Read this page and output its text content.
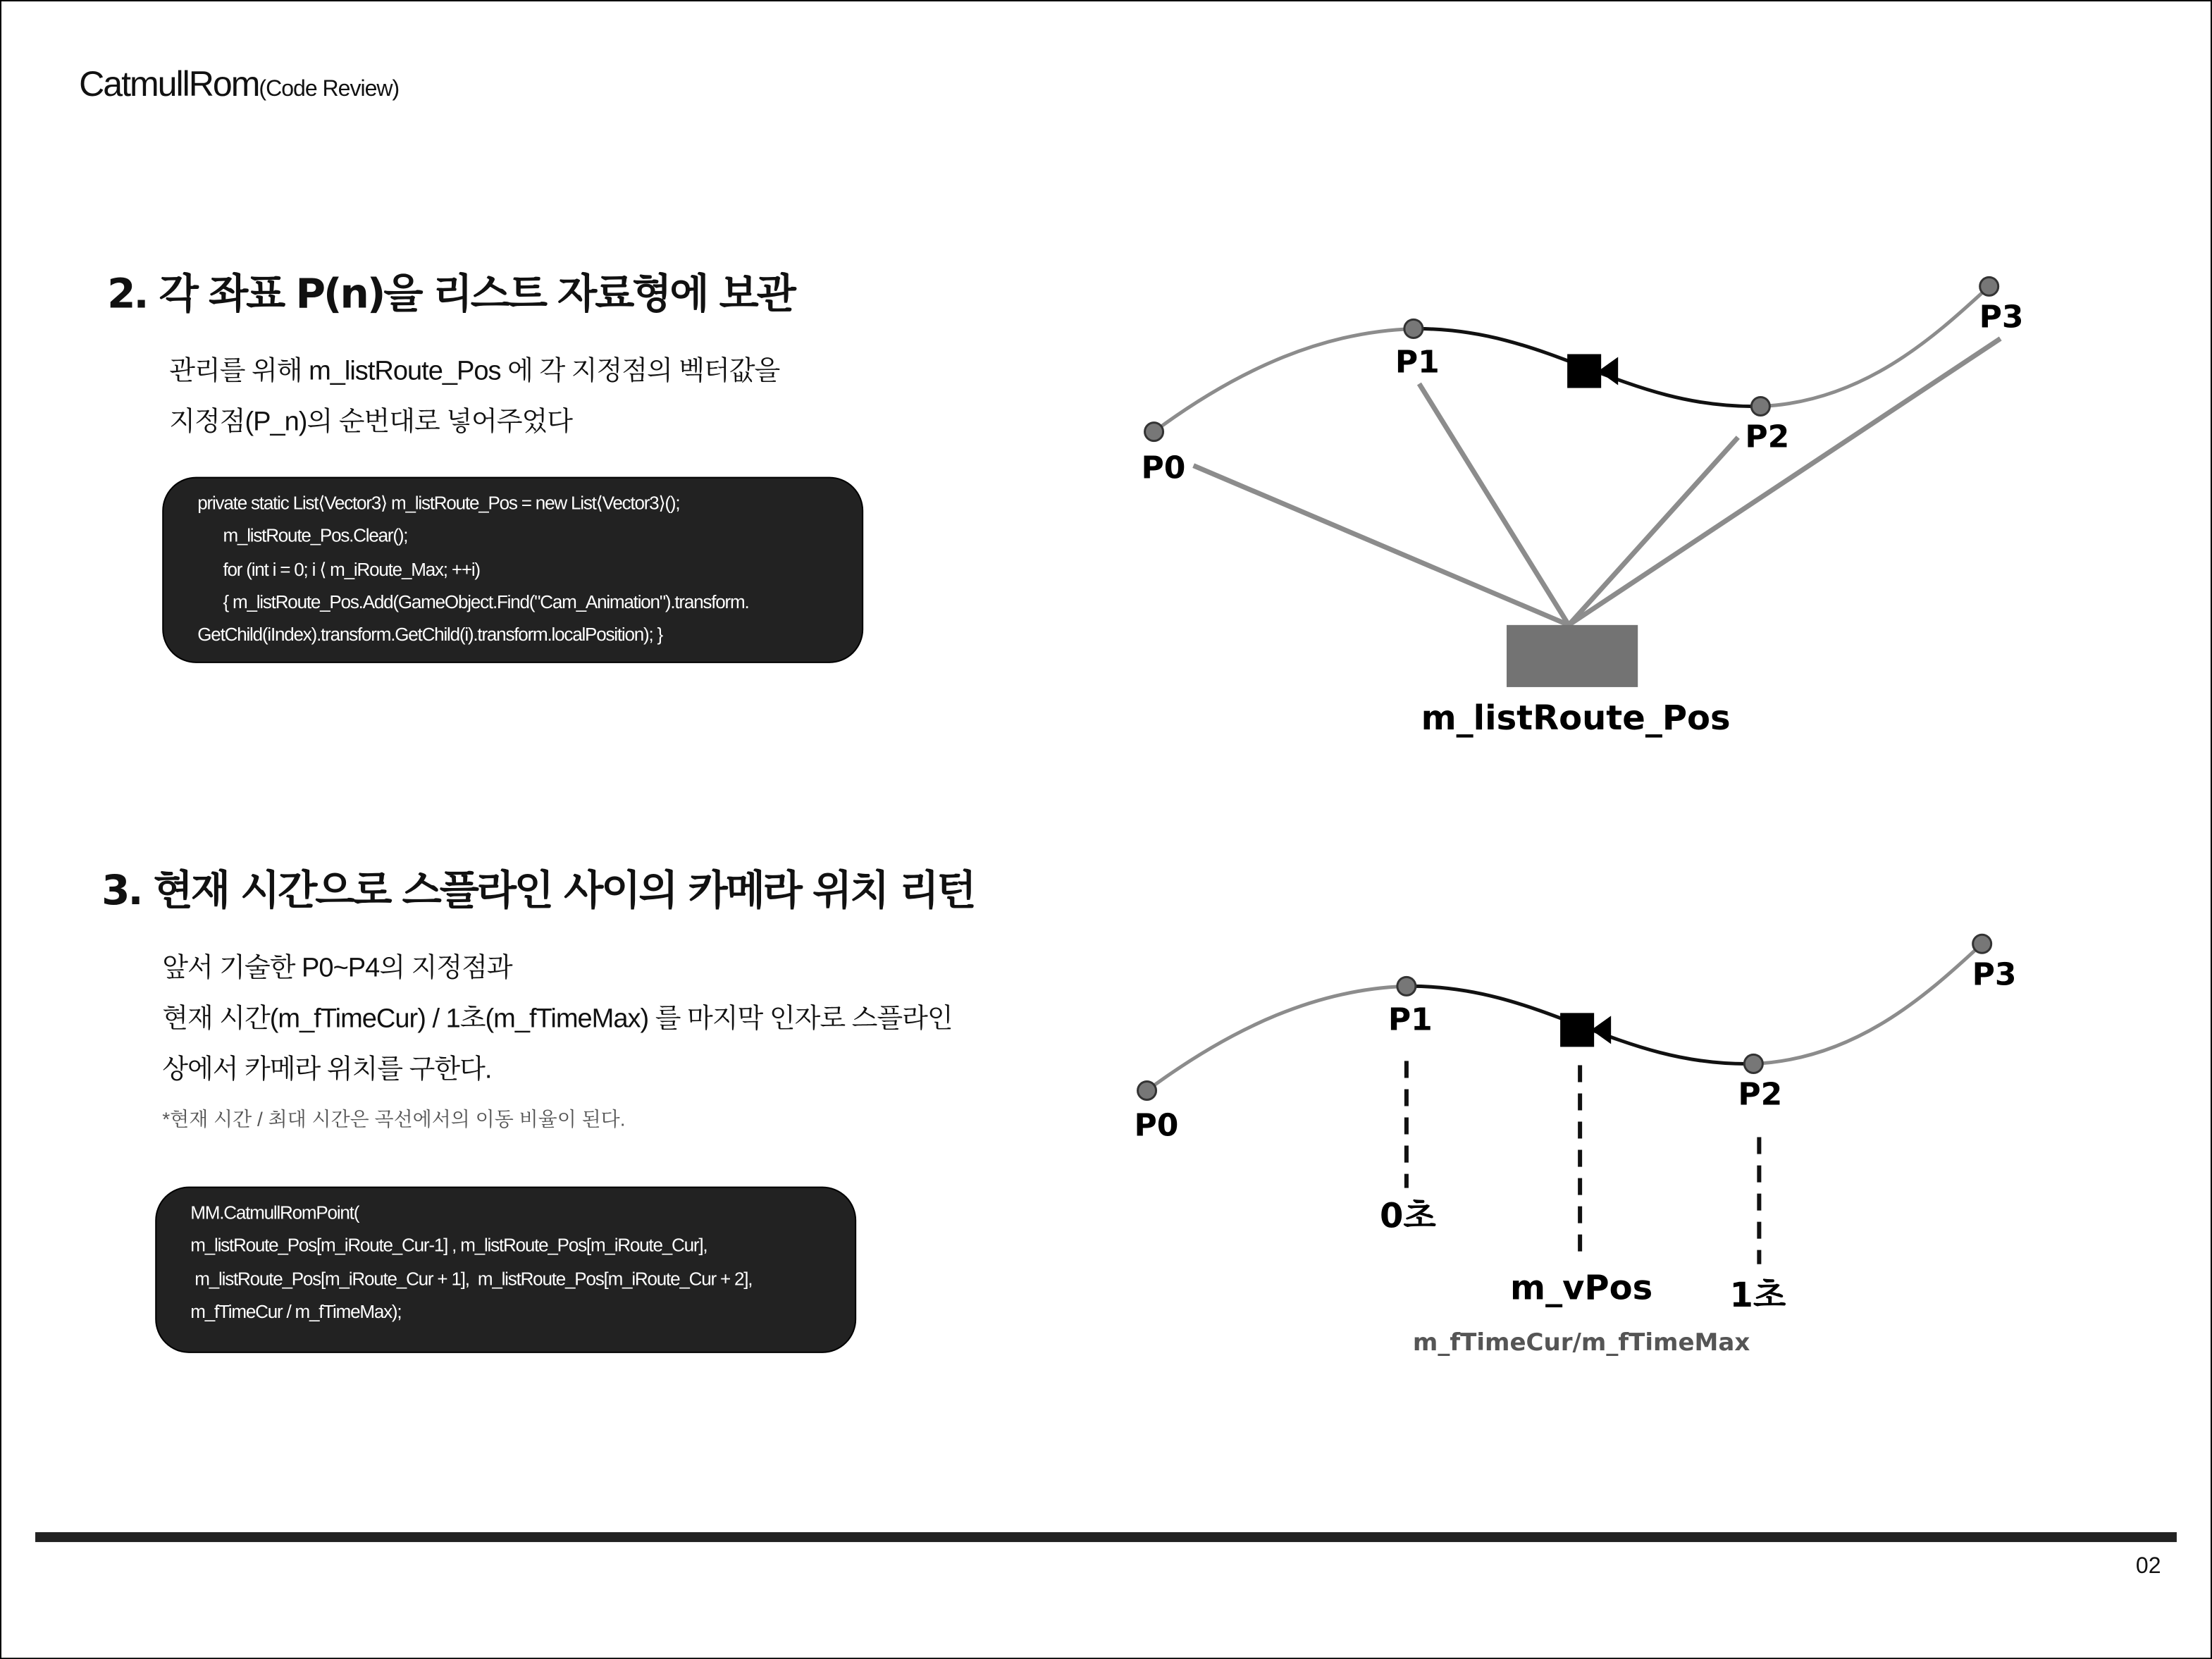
CatmullRom(Code Review)
2. 각 좌표 P(n)을 리스트 자료형에 보관
관리를 위해 m_listRoute_Pos 에 각 지정점의 벡터값을
지정점(P_n)의 순번대로 넣어주었다
private static List⟨Vector3⟩ m_listRoute_Pos = new List⟨Vector3⟩();
m_listRoute_Pos.Clear();
for (int i = 0; i ⟨ m_iRoute_Max; ++i)
{ m_listRoute_Pos.Add(GameObject.Find("Cam_Animation").transform.
GetChild(iIndex).transform.GetChild(i).transform.localPosition); }
3. 현재 시간으로 스플라인 사이의 카메라 위치 리턴
앞서 기술한 P0~P4의 지정점과
현재 시간(m_fTimeCur) / 1초(m_fTimeMax) 를 마지막 인자로 스플라인
상에서 카메라 위치를 구한다.
*현재 시간 / 최대 시간은 곡선에서의 이동 비율이 된다.
MM.CatmullRomPoint(
m_listRoute_Pos[m_iRoute_Cur-1] , m_listRoute_Pos[m_iRoute_Cur],
m_listRoute_Pos[m_iRoute_Cur + 1],  m_listRoute_Pos[m_iRoute_Cur + 2],
m_fTimeCur / m_fTimeMax);
P0
P1
P2
P3
m_listRoute_Pos
P0
P1
P2
P3
0초
m_vPos	1초
m_fTimeCur/m_fTimeMax
02
